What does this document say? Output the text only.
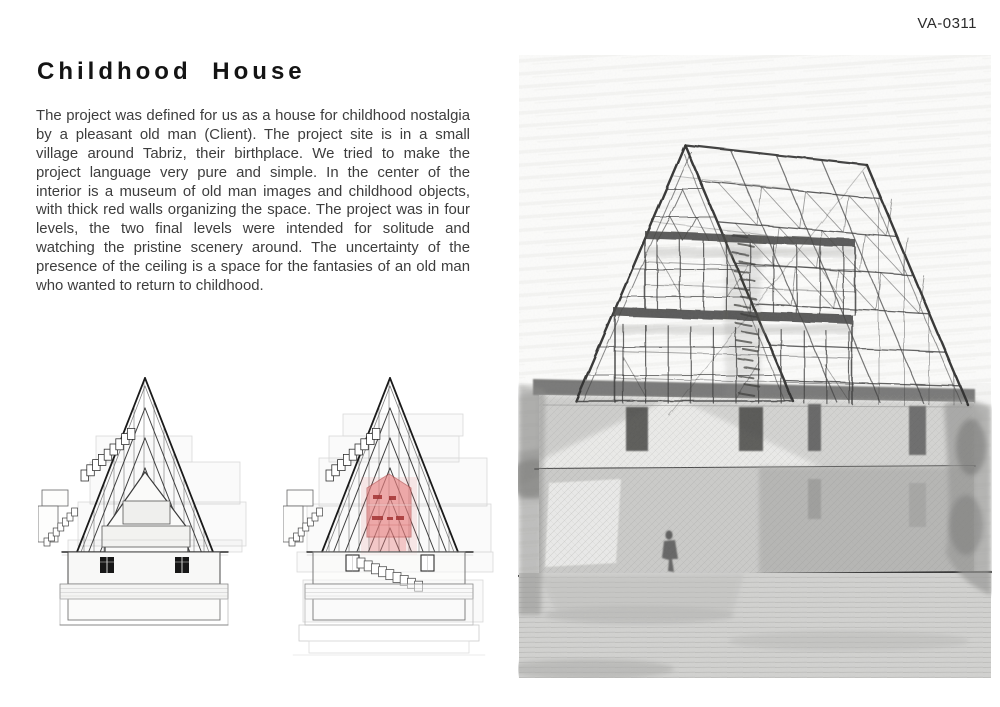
VA-0311
Childhood House

The project was defined for us as a house for childhood nostalgia by a pleasant old man (Client). The project site is in a small village around Tabriz, their birthplace. We tried to make the project language very pure and simple. In the center of the interior is a museum of old man images and childhood objects, with thick red walls organizing the space. The project was in four levels, the two final levels were intended for solitude and watching the pristine scenery around. The uncertainty of the presence of the ceiling is a space for the fantasies of an old man who wanted to return to childhood.
